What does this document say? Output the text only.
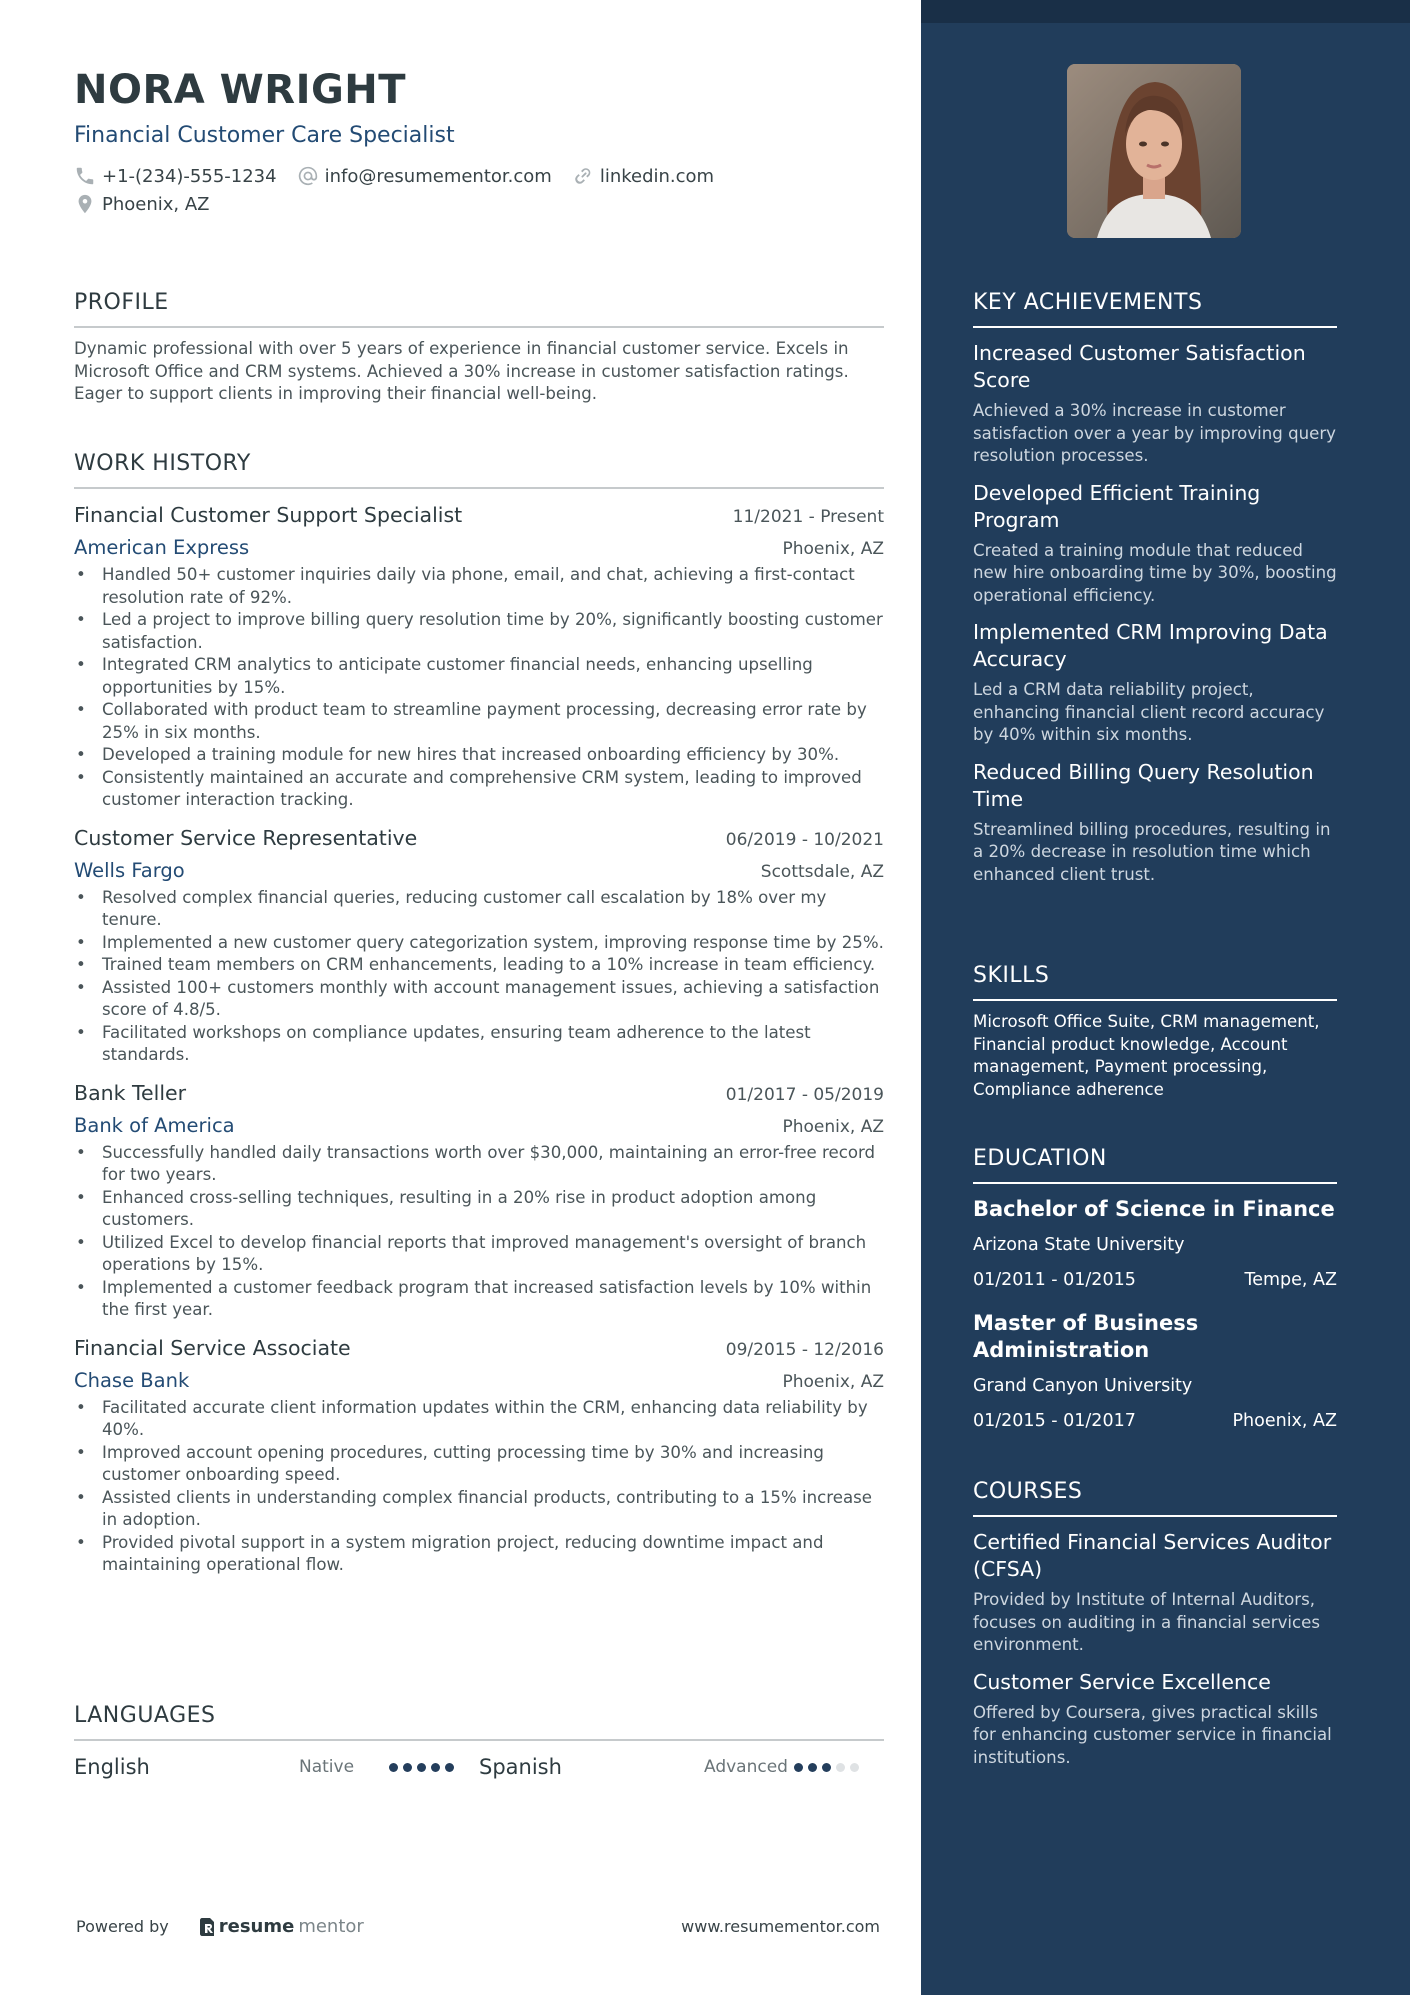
NORA WRIGHT
Financial Customer Care Specialist
+1-(234)-555-1234	info@resumementor.com	linkedin.com
Phoenix, AZ
PROFILE
Dynamic professional with over 5 years of experience in financial customer service. Excels in Microsoft Office and CRM systems. Achieved a 30% increase in customer satisfaction ratings. Eager to support clients in improving their financial well-being.
WORK HISTORY
Financial Customer Support Specialist	11/2021 - Present
American Express	Phoenix, AZ
• Handled 50+ customer inquiries daily via phone, email, and chat, achieving a first-contact resolution rate of 92%.
• Led a project to improve billing query resolution time by 20%, significantly boosting customer satisfaction.
• Integrated CRM analytics to anticipate customer financial needs, enhancing upselling opportunities by 15%.
• Collaborated with product team to streamline payment processing, decreasing error rate by 25% in six months.
• Developed a training module for new hires that increased onboarding efficiency by 30%.
• Consistently maintained an accurate and comprehensive CRM system, leading to improved customer interaction tracking.
Customer Service Representative	06/2019 - 10/2021
Wells Fargo	Scottsdale, AZ
• Resolved complex financial queries, reducing customer call escalation by 18% over my tenure.
• Implemented a new customer query categorization system, improving response time by 25%.
• Trained team members on CRM enhancements, leading to a 10% increase in team efficiency.
• Assisted 100+ customers monthly with account management issues, achieving a satisfaction score of 4.8/5.
• Facilitated workshops on compliance updates, ensuring team adherence to the latest standards.
Bank Teller	01/2017 - 05/2019
Bank of America	Phoenix, AZ
• Successfully handled daily transactions worth over $30,000, maintaining an error-free record for two years.
• Enhanced cross-selling techniques, resulting in a 20% rise in product adoption among customers.
• Utilized Excel to develop financial reports that improved management's oversight of branch operations by 15%.
• Implemented a customer feedback program that increased satisfaction levels by 10% within the first year.
Financial Service Associate	09/2015 - 12/2016
Chase Bank	Phoenix, AZ
• Facilitated accurate client information updates within the CRM, enhancing data reliability by 40%.
• Improved account opening procedures, cutting processing time by 30% and increasing customer onboarding speed.
• Assisted clients in understanding complex financial products, contributing to a 15% increase in adoption.
• Provided pivotal support in a system migration project, reducing downtime impact and maintaining operational flow.
LANGUAGES
English	Native	Spanish	Advanced
Powered by	resume mentor	www.resumementor.com
KEY ACHIEVEMENTS
Increased Customer Satisfaction Score
Achieved a 30% increase in customer satisfaction over a year by improving query resolution processes.
Developed Efficient Training Program
Created a training module that reduced new hire onboarding time by 30%, boosting operational efficiency.
Implemented CRM Improving Data Accuracy
Led a CRM data reliability project, enhancing financial client record accuracy by 40% within six months.
Reduced Billing Query Resolution Time
Streamlined billing procedures, resulting in a 20% decrease in resolution time which enhanced client trust.
SKILLS
Microsoft Office Suite, CRM management, Financial product knowledge, Account management, Payment processing, Compliance adherence
EDUCATION
Bachelor of Science in Finance
Arizona State University
01/2011 - 01/2015	Tempe, AZ
Master of Business Administration
Grand Canyon University
01/2015 - 01/2017	Phoenix, AZ
COURSES
Certified Financial Services Auditor (CFSA)
Provided by Institute of Internal Auditors, focuses on auditing in a financial services environment.
Customer Service Excellence
Offered by Coursera, gives practical skills for enhancing customer service in financial institutions.
